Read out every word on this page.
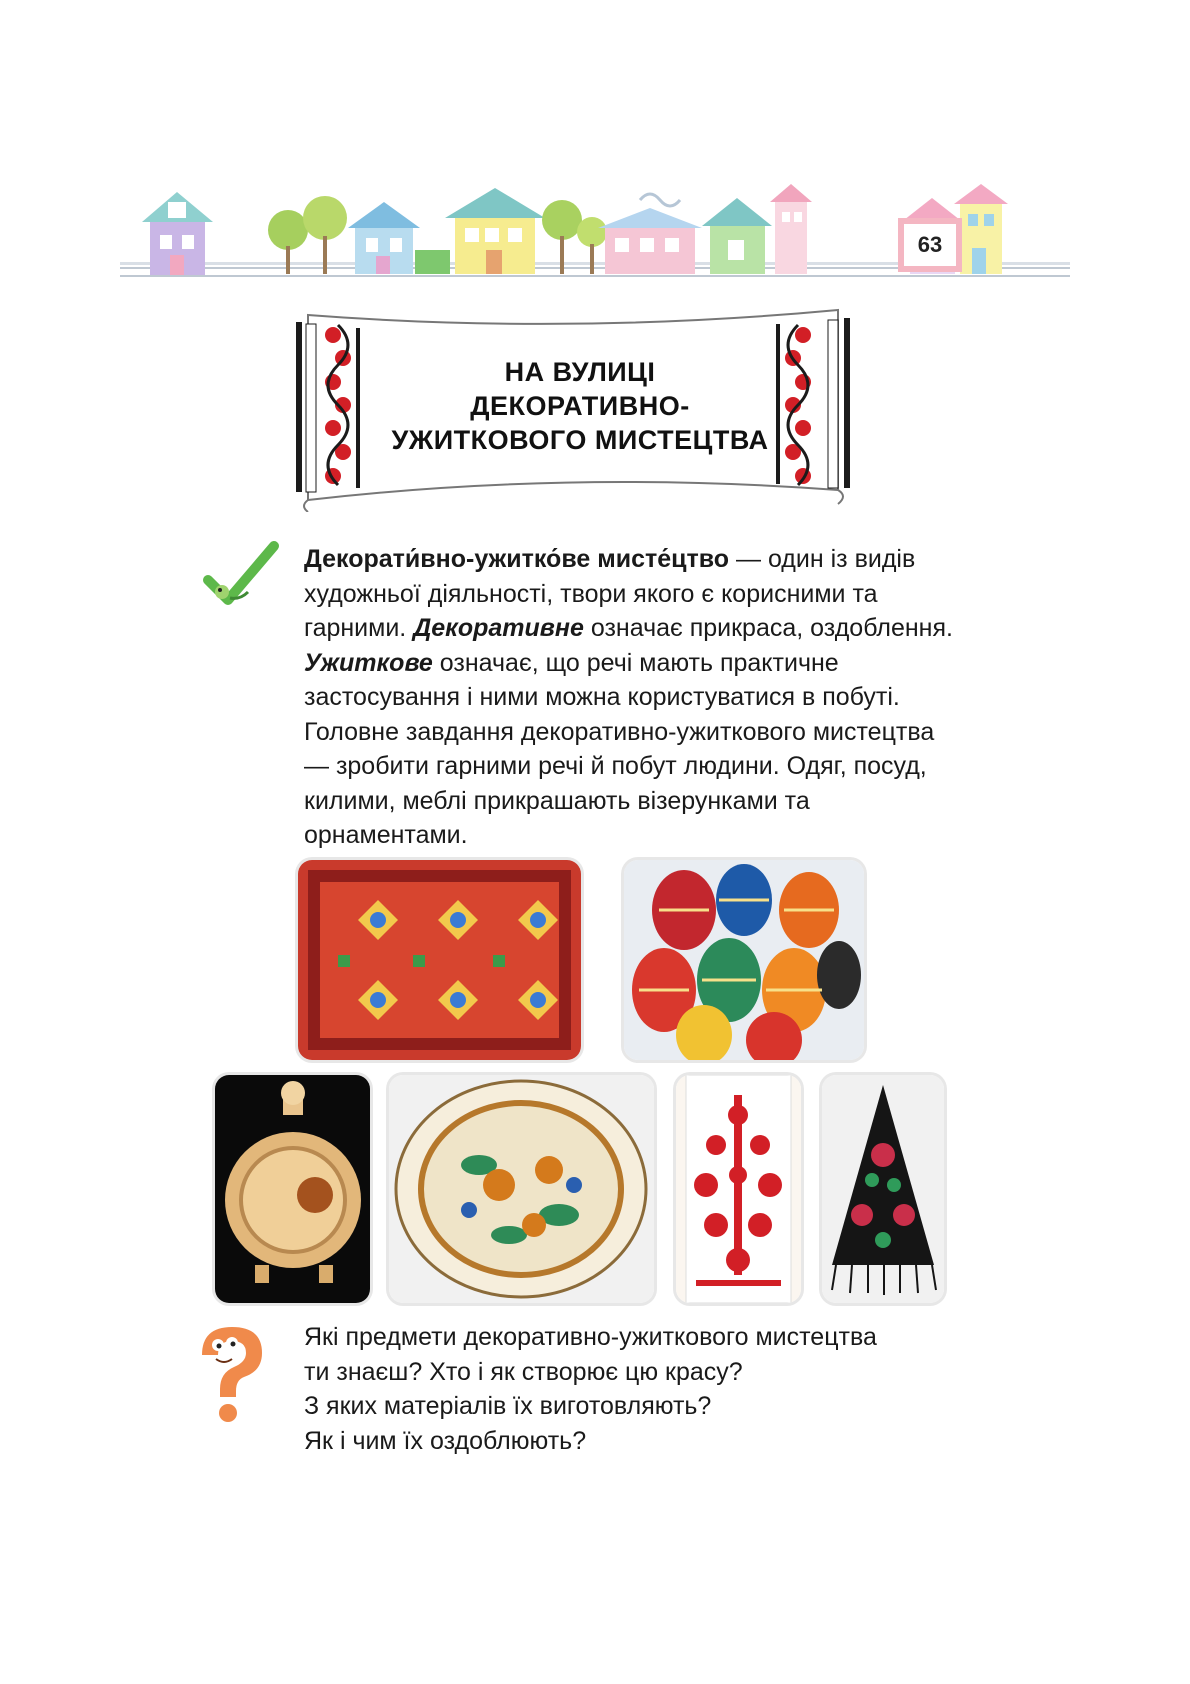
63
НА ВУЛИЦІ
ДЕКОРАТИВНО-
УЖИТКОВОГО МИСТЕЦТВА
Декорати́вно-ужитко́ве мисте́цтво — один із видів художньої діяльності, твори якого є корисними та гарними. Декоративне означає прикраса, оздоблення. Ужиткове означає, що речі мають практичне застосування і ними можна користуватися в побуті. Головне завдання декоративно-ужиткового мистецтва — зробити гарними речі й побут людини. Одяг, посуд, килими, меблі прикрашають візерунками та орнаментами.
Які предмети декоративно-ужиткового мистецтва
ти знаєш? Хто і як створює цю красу?
З яких матеріалів їх виготовляють?
Як і чим їх оздоблюють?
